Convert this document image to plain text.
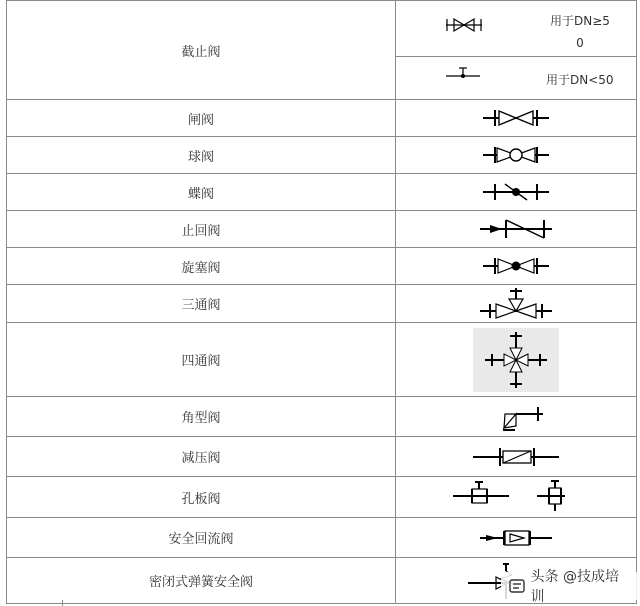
截止阀	用于DN≥5
0

	用于DN<50

闸阀	

球阀	

蝶阀	

止回阀	

旋塞阀	

三通阀	

四通阀	

角型阀	

减压阀	

孔板阀	

安全回流阀	

密闭式弹簧安全阀		头条 @技成培训
